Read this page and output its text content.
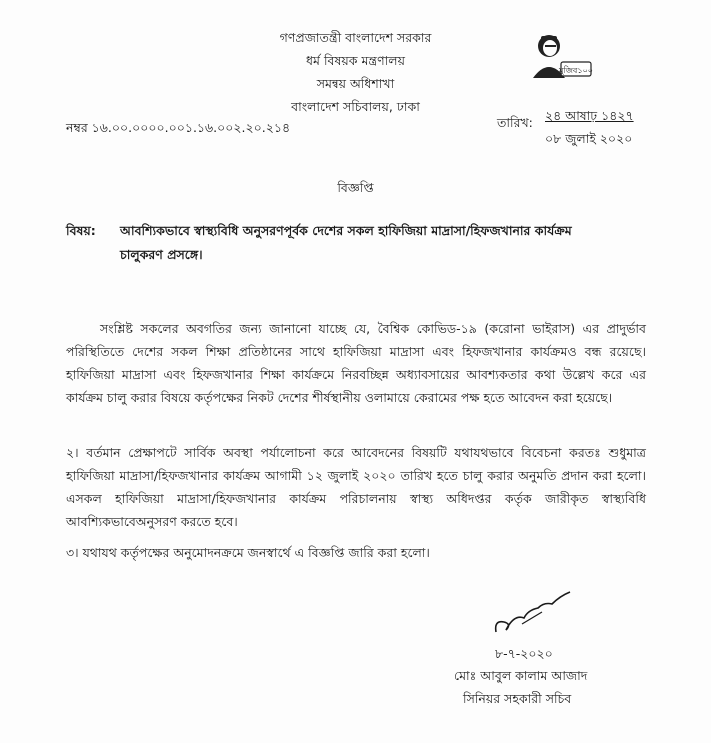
গণপ্রজাতন্ত্রী বাংলাদেশ সরকার
ধর্ম বিষয়ক মন্ত্রণালয়
সমন্বয় অধিশাখা
বাংলাদেশ সচিবালয়, ঢাকা
মুজিব১০০
নম্বর ১৬.০০.০০০০.০০১.১৬.০০২.২০.২১৪	তারিখ: ২৪ আষাঢ় ১৪২৭
০৮ জুলাই ২০২০
বিজ্ঞপ্তি
বিষয়: আবশ্যিকভাবে স্বাস্থ্যবিধি অনুসরণপূর্বক দেশের সকল হাফিজিয়া মাদ্রাসা/হিফজখানার কার্যক্রম
চালুকরণ প্রসঙ্গে।
সংশ্লিষ্ট সকলের অবগতির জন্য জানানো যাচ্ছে যে, বৈশ্বিক কোভিড-১৯ (করোনা ভাইরাস) এর প্রাদুর্ভাব পরিস্থিতিতে দেশের সকল শিক্ষা প্রতিষ্ঠানের সাথে হাফিজিয়া মাদ্রাসা এবং হিফজখানার কার্যক্রমও বন্ধ রয়েছে। হাফিজিয়া মাদ্রাসা এবং হিফজখানার শিক্ষা কার্যক্রমে নিরবচ্ছিন্ন অধ্যাবসায়ের আবশ্যকতার কথা উল্লেখ করে এর কার্যক্রম চালু করার বিষয়ে কর্তৃপক্ষের নিকট দেশের শীর্ষস্থানীয় ওলামায়ে কেরামের পক্ষ হতে আবেদন করা হয়েছে।
২। বর্তমান প্রেক্ষাপটে সার্বিক অবস্থা পর্যালোচনা করে আবেদনের বিষয়টি যথাযথভাবে বিবেচনা করতঃ শুধুমাত্র হাফিজিয়া মাদ্রাসা/হিফজখানার কার্যক্রম আগামী ১২ জুলাই ২০২০ তারিখ হতে চালু করার অনুমতি প্রদান করা হলো। এসকল হাফিজিয়া মাদ্রাসা/হিফজখানার কার্যক্রম পরিচালনায় স্বাস্থ্য অধিদপ্তর কর্তৃক জারীকৃত স্বাস্থ্যবিধি আবশ্যিকভাবেঅনুসরণ করতে হবে।
৩। যথাযথ কর্তৃপক্ষের অনুমোদনক্রমে জনস্বার্থে এ বিজ্ঞপ্তি জারি করা হলো।
৮-৭-২০২০
মোঃ আবুল কালাম আজাদ
সিনিয়র সহকারী সচিব
